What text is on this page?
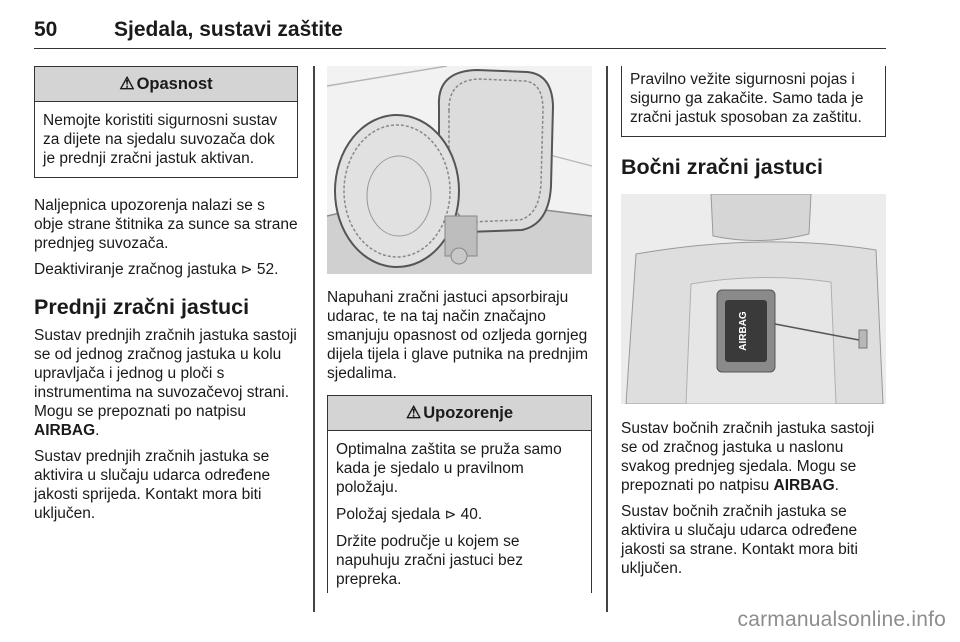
50	Sjedala, sustavi zaštite
⚠ Opasnost

Nemojte koristiti sigurnosni sustav za dijete na sjedalu suvozača dok je prednji zračni jastuk aktivan.

Naljepnica upozorenja nalazi se s obje strane štitnika za sunce sa strane prednjeg suvozača.

Deaktiviranje zračnog jastuka ⊳ 52.

Prednji zračni jastuci

Sustav prednjih zračnih jastuka sastoji se od jednog zračnog jastuka u kolu upravljača i jednog u ploči s instrumentima na suvozačevoj strani. Mogu se prepoznati po natpisu AIRBAG.

Sustav prednjih zračnih jastuka se aktivira u slučaju udarca određene jakosti sprijeda. Kontakt mora biti uključen.

Napuhani zračni jastuci apsorbiraju udarac, te na taj način značajno smanjuju opasnost od ozljeda gornjeg dijela tijela i glave putnika na prednjim sjedalima.

⚠ Upozorenje

Optimalna zaštita se pruža samo kada je sjedalo u pravilnom položaju.

Položaj sjedala ⊳ 40.

Držite područje u kojem se napuhuju zračni jastuci bez prepreka.

Pravilno vežite sigurnosni pojas i sigurno ga zakačite. Samo tada je zračni jastuk sposoban za zaštitu.
Bočni zračni jastuci
AIRBAG

Sustav bočnih zračnih jastuka sastoji se od zračnog jastuka u naslonu svakog prednjeg sjedala. Mogu se prepoznati po natpisu AIRBAG.

Sustav bočnih zračnih jastuka se aktivira u slučaju udarca određene jakosti sa strane. Kontakt mora biti uključen.

carmanualsonline.info
